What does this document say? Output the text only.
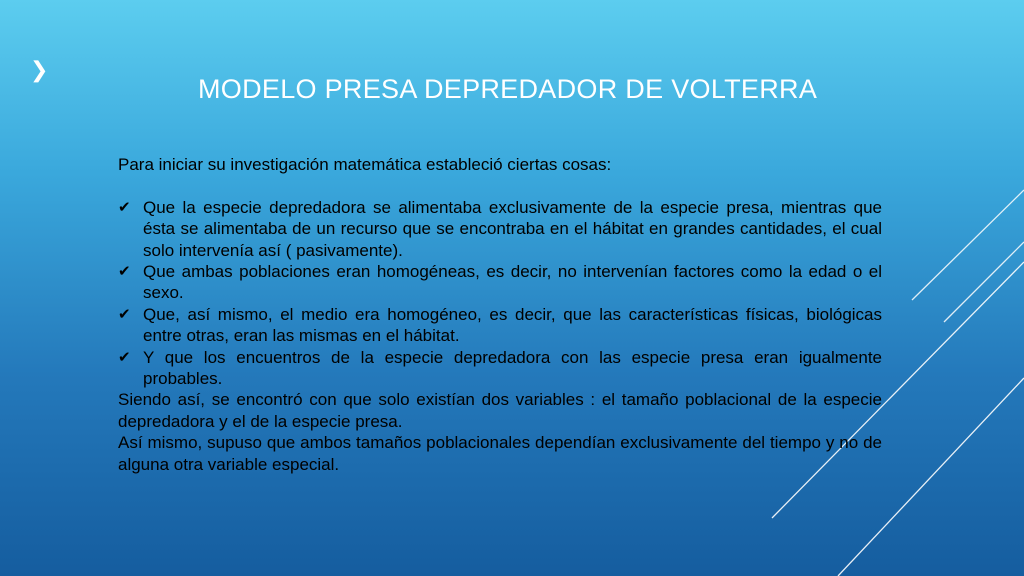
❯
MODELO PRESA DEPREDADOR DE VOLTERRA

Para iniciar su investigación matemática estableció ciertas cosas:

✔ Que la especie depredadora se alimentaba exclusivamente de la especie presa, mientras que ésta se alimentaba de un recurso que se encontraba en el hábitat en grandes cantidades, el cual solo intervenía así ( pasivamente).
✔ Que ambas poblaciones eran homogéneas, es decir, no intervenían factores como la edad o el sexo.
✔ Que, así mismo, el medio era homogéneo, es decir, que las características físicas, biológicas entre otras, eran las mismas en el hábitat.
✔ Y que los encuentros de la especie depredadora con las especie presa eran igualmente probables.

Siendo así, se encontró con que solo existían dos variables : el tamaño poblacional de la especie depredadora y el de la especie presa.

Así mismo, supuso que ambos tamaños poblacionales dependían exclusivamente del tiempo y no de alguna otra variable especial.
